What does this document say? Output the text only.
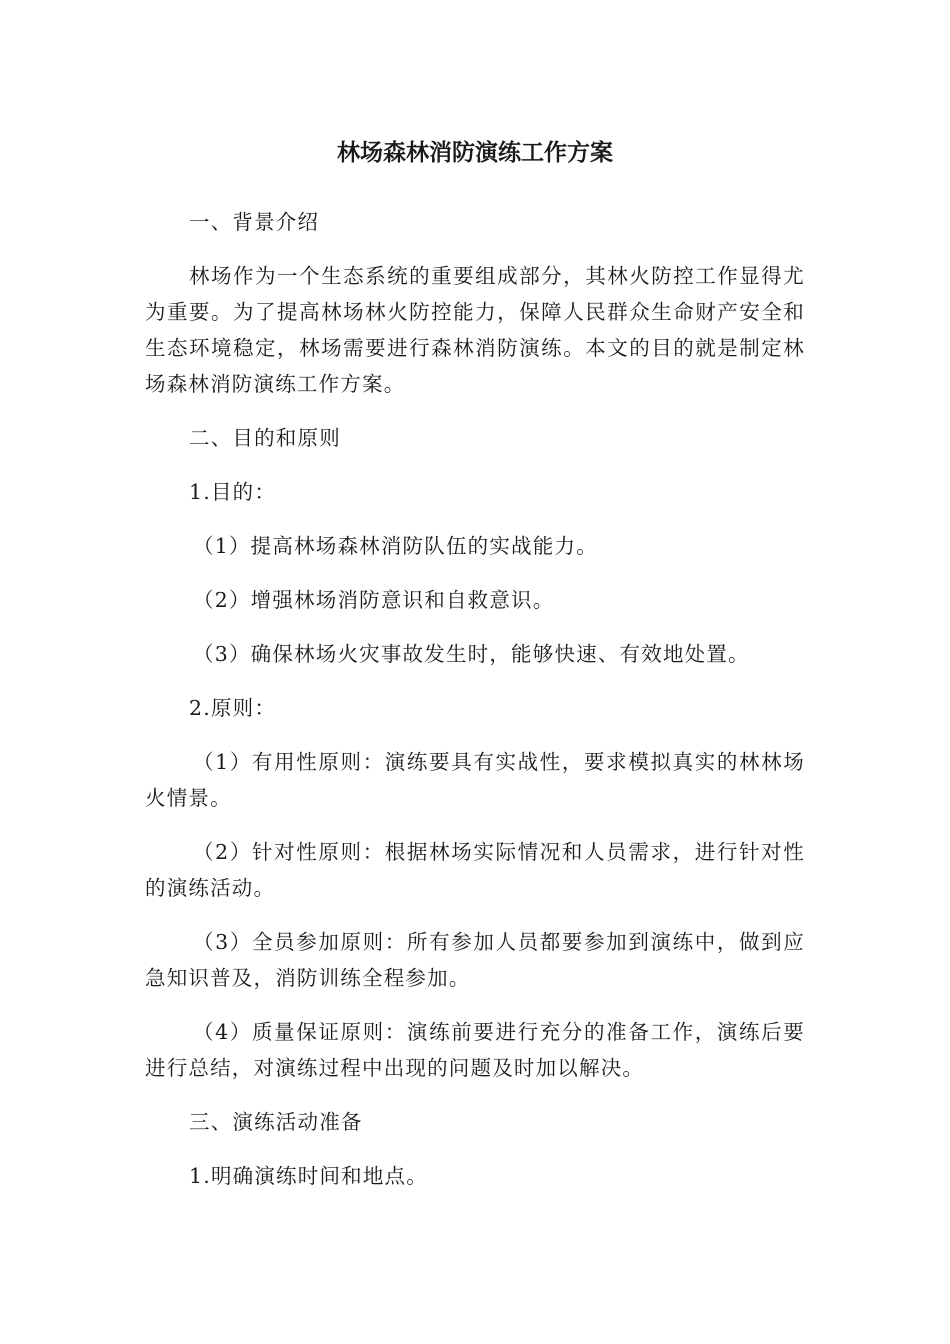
林场森林消防演练工作方案

一、背景介绍

林场作为一个生态系统的重要组成部分，其林火防控工作显得尤为重要。为了提高林场林火防控能力，保障人民群众生命财产安全和生态环境稳定，林场需要进行森林消防演练。本文的目的就是制定林场森林消防演练工作方案。

二、目的和原则

1.目的：

（1）提高林场森林消防队伍的实战能力。

（2）增强林场消防意识和自救意识。

（3）确保林场火灾事故发生时，能够快速、有效地处置。

2.原则：

（1）有用性原则：演练要具有实战性，要求模拟真实的林林场火情景。

（2）针对性原则：根据林场实际情况和人员需求，进行针对性的演练活动。

（3）全员参加原则：所有参加人员都要参加到演练中，做到应急知识普及，消防训练全程参加。

（4）质量保证原则：演练前要进行充分的准备工作，演练后要进行总结，对演练过程中出现的问题及时加以解决。

三、演练活动准备

1.明确演练时间和地点。
